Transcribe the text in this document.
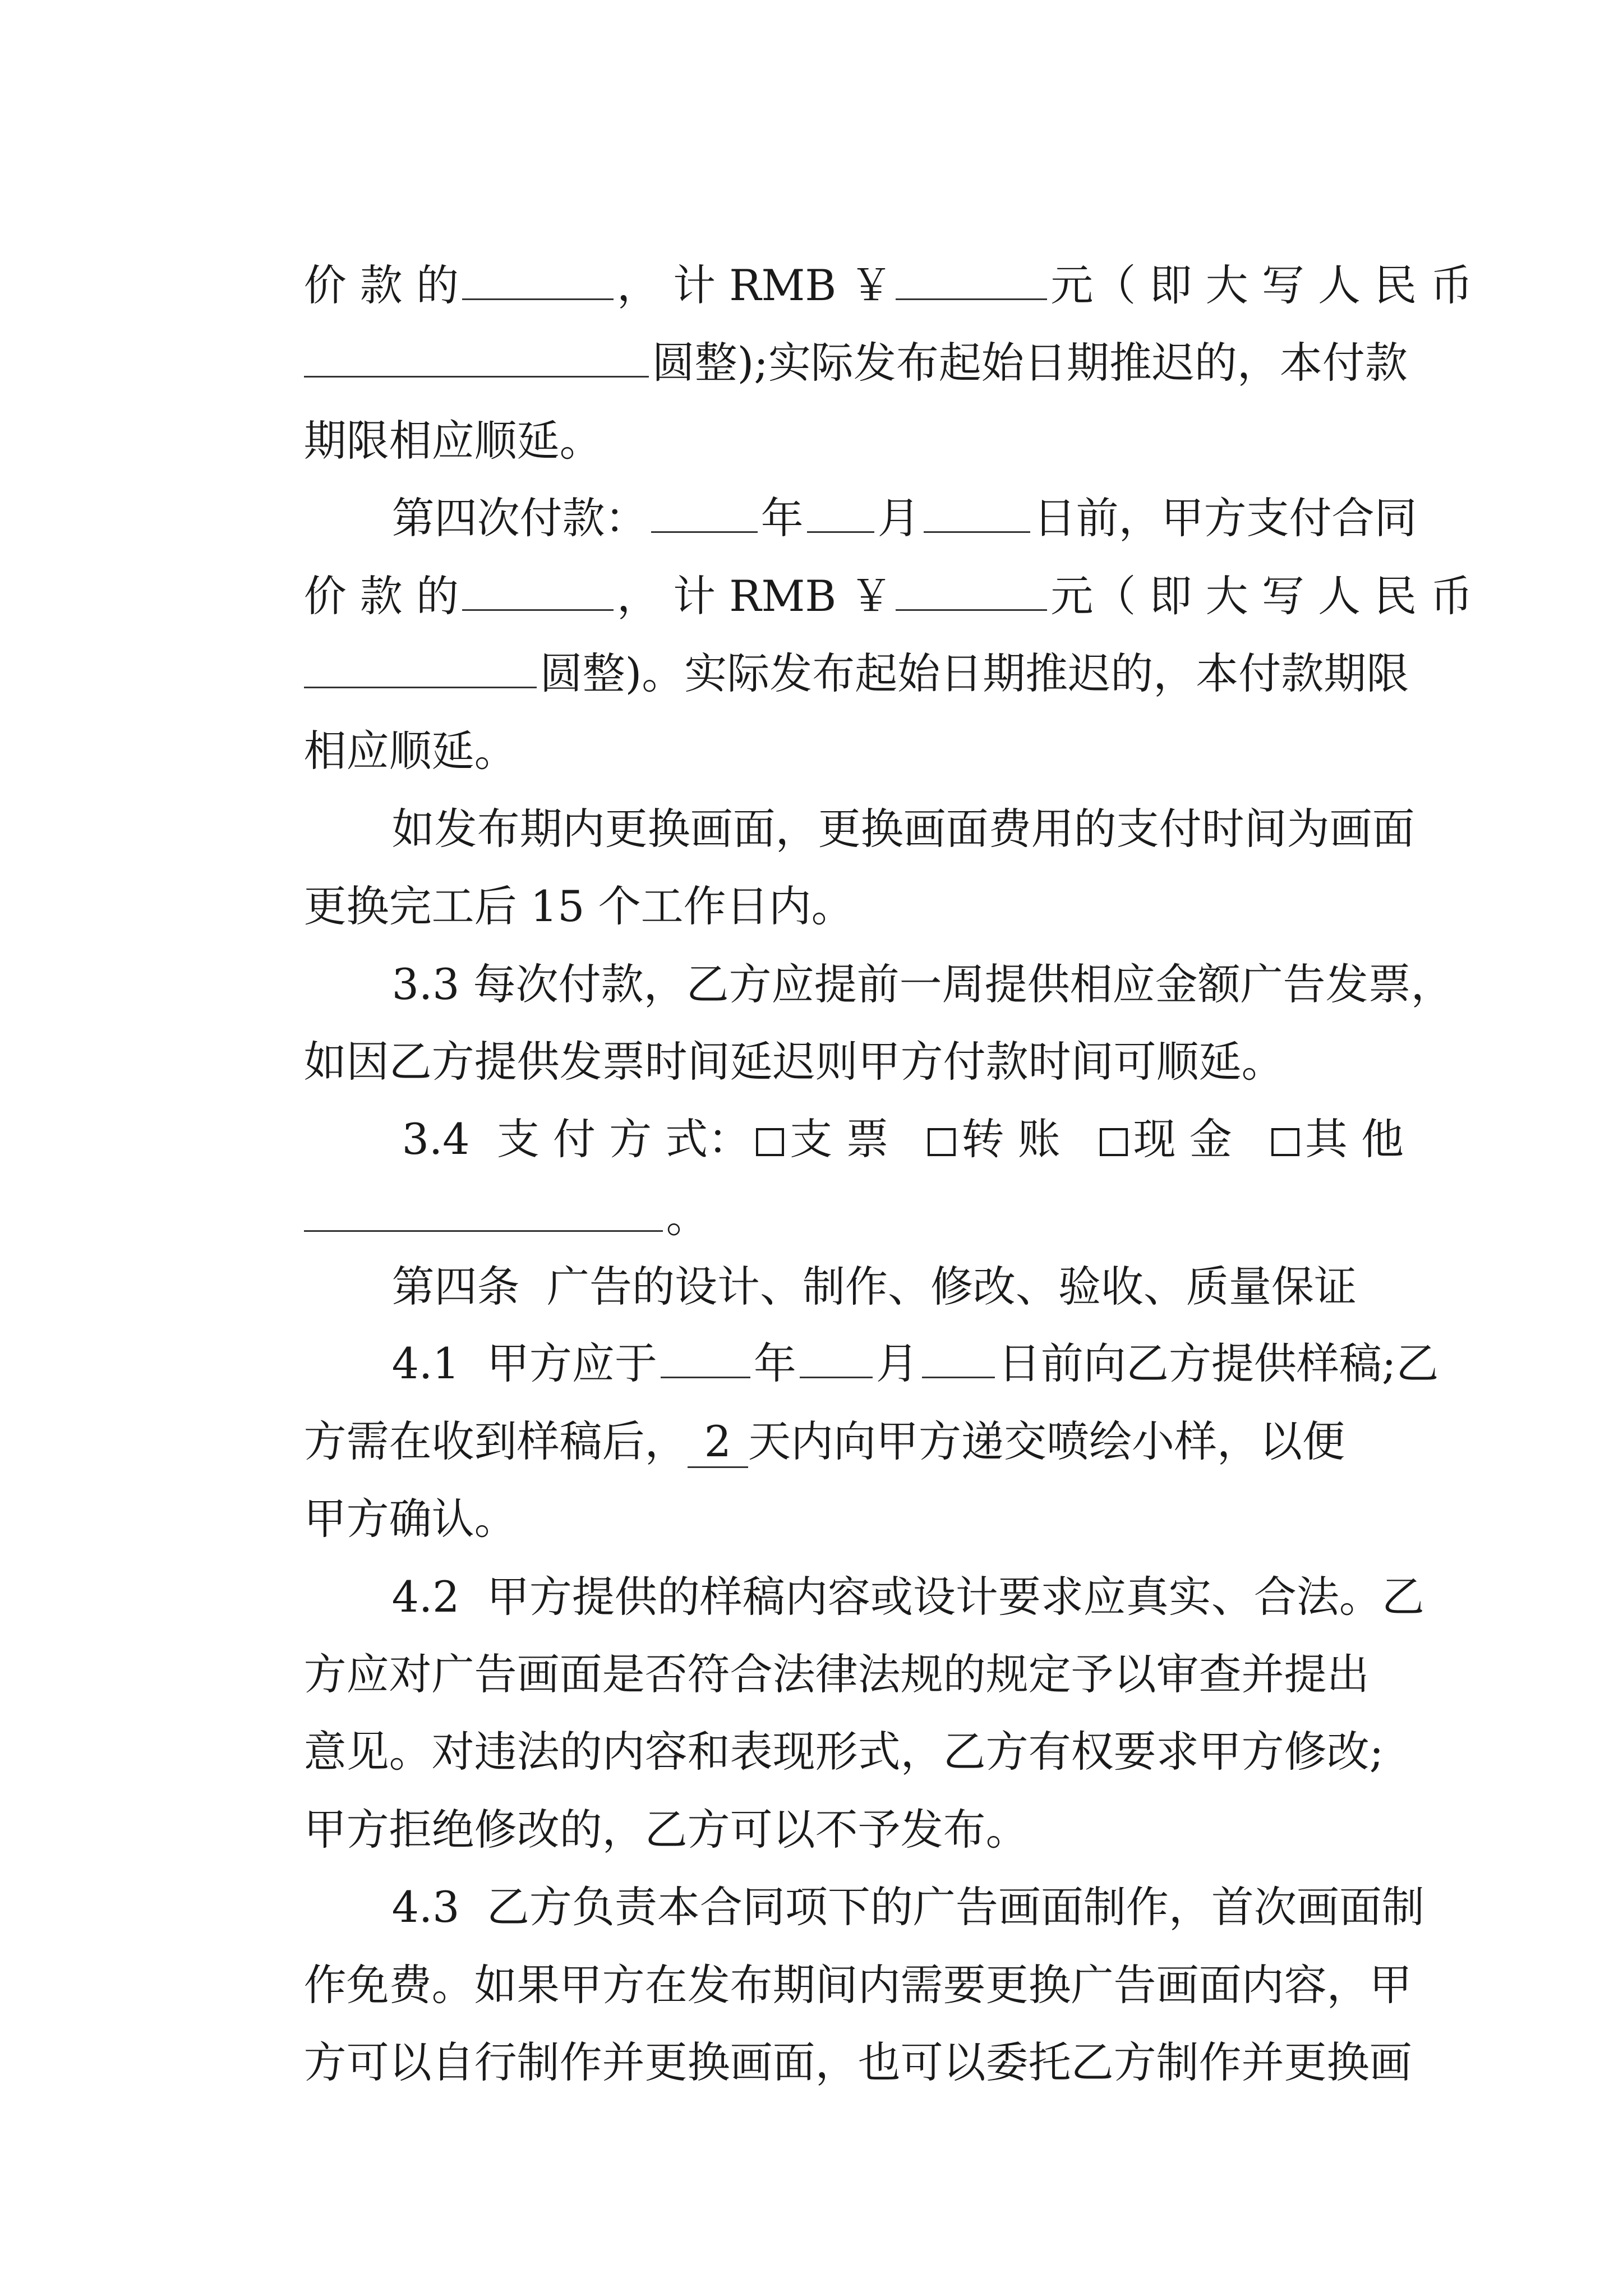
价 款 的	， 计 RMB ￥	元（ 即 大 写 人 民 币

圆整);实际发布起始日期推迟的，本付款

期限相应顺延。

第四次付款：	年 月	日前，甲方支付合同

价 款 的	， 计 RMB ￥	元（ 即 大 写 人 民 币

圆整)。实际发布起始日期推迟的，本付款期限

相应顺延。

如发布期内更换画面，更换画面费用的支付时间为画面

更换完工后 15 个工作日内。

3.3 每次付款，乙方应提前一周提供相应金额广告发票，

如因乙方提供发票时间延迟则甲方付款时间可顺延。

3.4  支 付 方 式： 支 票 转 账 现 金 其 他

。

第四条  广告的设计、制作、修改、验收、质量保证

4.1  甲方应于 年 月 日前向乙方提供样稿;乙

方需在收到样稿后， 2 天内向甲方递交喷绘小样，以便

甲方确认。

4.2  甲方提供的样稿内容或设计要求应真实、合法。乙

方应对广告画面是否符合法律法规的规定予以审查并提出

意见。对违法的内容和表现形式，乙方有权要求甲方修改;

甲方拒绝修改的，乙方可以不予发布。

4.3  乙方负责本合同项下的广告画面制作，首次画面制

作免费。如果甲方在发布期间内需要更换广告画面内容，甲

方可以自行制作并更换画面，也可以委托乙方制作并更换画
